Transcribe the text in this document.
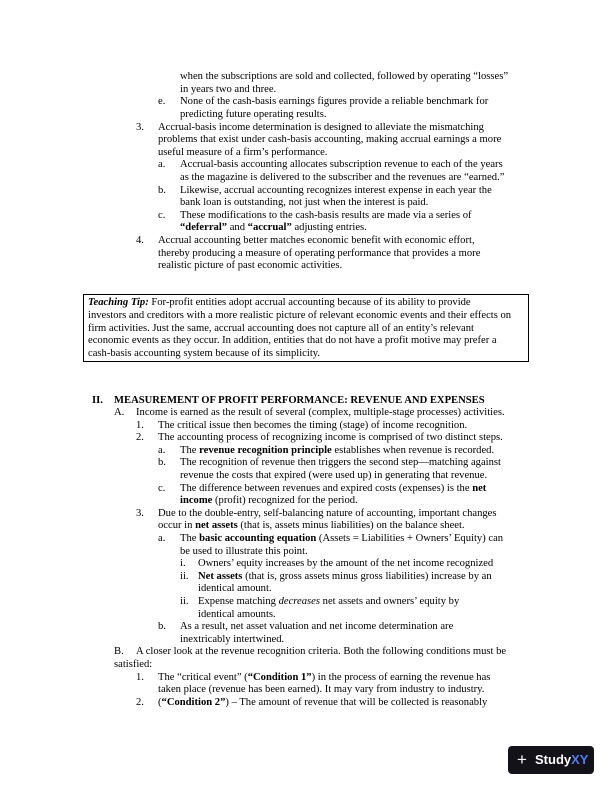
when the subscriptions are sold and collected, followed by operating “losses”
in years two and three.
e. None of the cash-basis earnings figures provide a reliable benchmark for
predicting future operating results.
3. Accrual-basis income determination is designed to alleviate the mismatching
problems that exist under cash-basis accounting, making accrual earnings a more
useful measure of a firm’s performance.
a. Accrual-basis accounting allocates subscription revenue to each of the years
as the magazine is delivered to the subscriber and the revenues are “earned.”
b. Likewise, accrual accounting recognizes interest expense in each year the
bank loan is outstanding, not just when the interest is paid.
c. These modifications to the cash-basis results are made via a series of
“deferral” and “accrual” adjusting entries.
4. Accrual accounting better matches economic benefit with economic effort,
thereby producing a measure of operating performance that provides a more
realistic picture of past economic activities.
Teaching Tip: For-profit entities adopt accrual accounting because of its ability to provide
investors and creditors with a more realistic picture of relevant economic events and their effects on
firm activities. Just the same, accrual accounting does not capture all of an entity’s relevant
economic events as they occur. In addition, entities that do not have a profit motive may prefer a
cash-basis accounting system because of its simplicity.
II. MEASUREMENT OF PROFIT PERFORMANCE: REVENUE AND EXPENSES
A. Income is earned as the result of several (complex, multiple-stage processes) activities.
1. The critical issue then becomes the timing (stage) of income recognition.
2. The accounting process of recognizing income is comprised of two distinct steps.
a. The revenue recognition principle establishes when revenue is recorded.
b. The recognition of revenue then triggers the second step—matching against
revenue the costs that expired (were used up) in generating that revenue.
c. The difference between revenues and expired costs (expenses) is the net
income (profit) recognized for the period.
3. Due to the double-entry, self-balancing nature of accounting, important changes
occur in net assets (that is, assets minus liabilities) on the balance sheet.
a. The basic accounting equation (Assets = Liabilities + Owners’ Equity) can
be used to illustrate this point.
i. Owners’ equity increases by the amount of the net income recognized
ii. Net assets (that is, gross assets minus gross liabilities) increase by an
identical amount.
ii. Expense matching decreases net assets and owners’ equity by
identical amounts.
b. As a result, net asset valuation and net income determination are
inextricably intertwined.
B. A closer look at the revenue recognition criteria. Both the following conditions must be
satisfied:
1. The “critical event” (“Condition 1”) in the process of earning the revenue has
taken place (revenue has been earned). It may vary from industry to industry.
2. (“Condition 2”) – The amount of revenue that will be collected is reasonably
+ StudyXY
